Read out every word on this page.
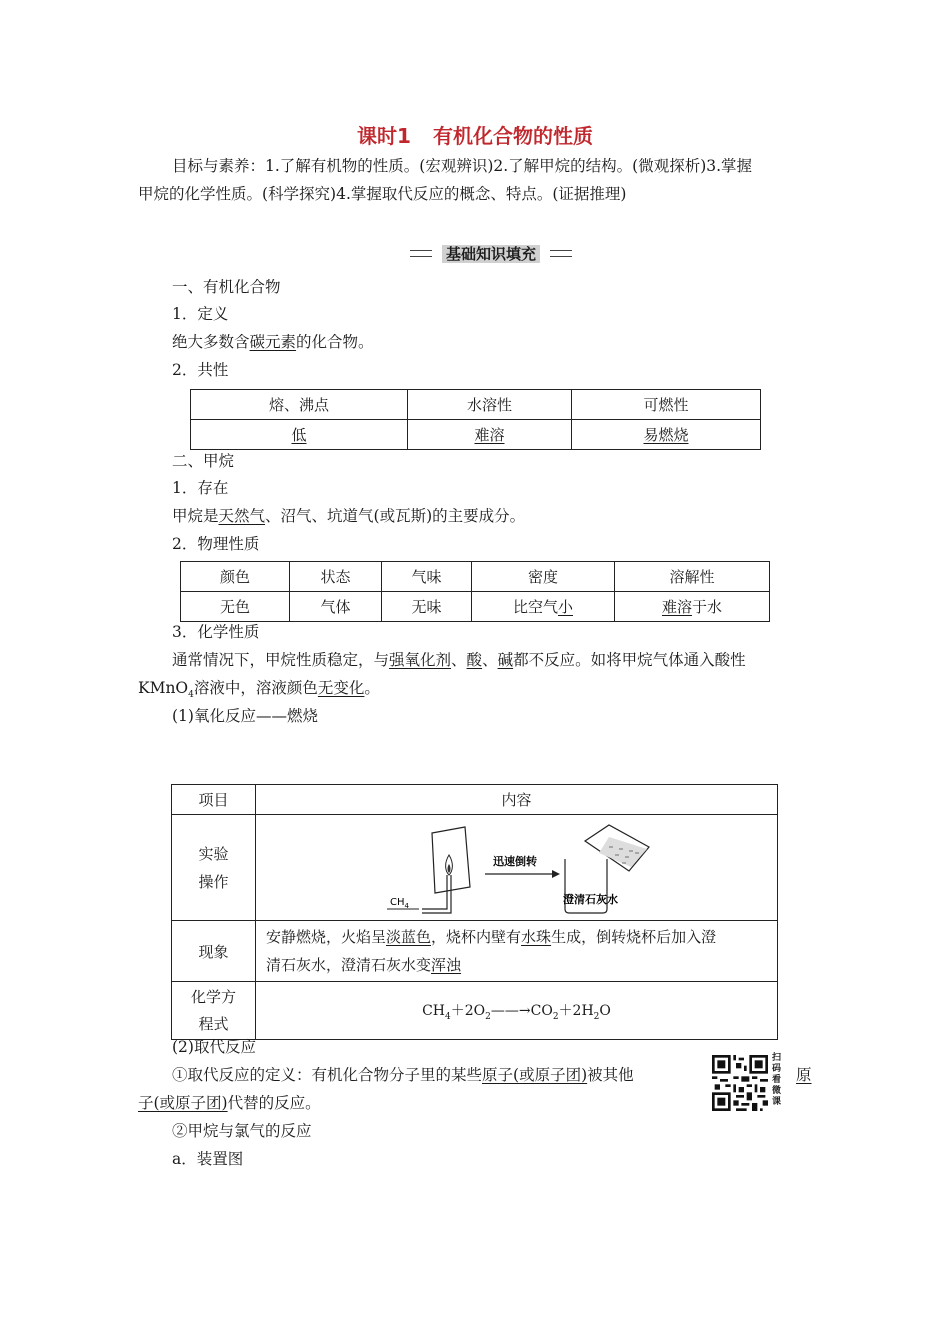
课时1 有机化合物的性质
目标与素养：1.了解有机物的性质。(宏观辨识)2.了解甲烷的结构。(微观探析)3.掌握
甲烷的化学性质。(科学探究)4.掌握取代反应的概念、特点。(证据推理)
基础知识填充
一、有机化合物
1．定义
绝大多数含碳元素的化合物。
2．共性
熔、沸点	水溶性	可燃性
低	难溶	易燃烧
二、甲烷
1．存在
甲烷是天然气、沼气、坑道气(或瓦斯)的主要成分。
2．物理性质
颜色	状态	气味	密度	溶解性
无色	气体	无味	比空气小	难溶于水
3．化学性质
通常情况下，甲烷性质稳定，与强氧化剂、酸、碱都不反应。如将甲烷气体通入酸性
KMnO$_4$溶液中，溶液颜色无变化。
(1)氧化反应——燃烧
项目	内容

实验操作	$CH_4$
迅速倒转
澄清石灰水

现象	安静燃烧，火焰呈淡蓝色，烧杯内壁有水珠生成，倒转烧杯后加入澄
清石灰水，澄清石灰水变浑浊

化学方程式	$CH_4+2O_2——\to CO_2+2H_2O$
(2)取代反应
①取代反应的定义：有机化合物分子里的某些原子(或原子团)被其他	原
子(或原子团)代替的反应。
扫码看微课
②甲烷与氯气的反应
a．装置图
